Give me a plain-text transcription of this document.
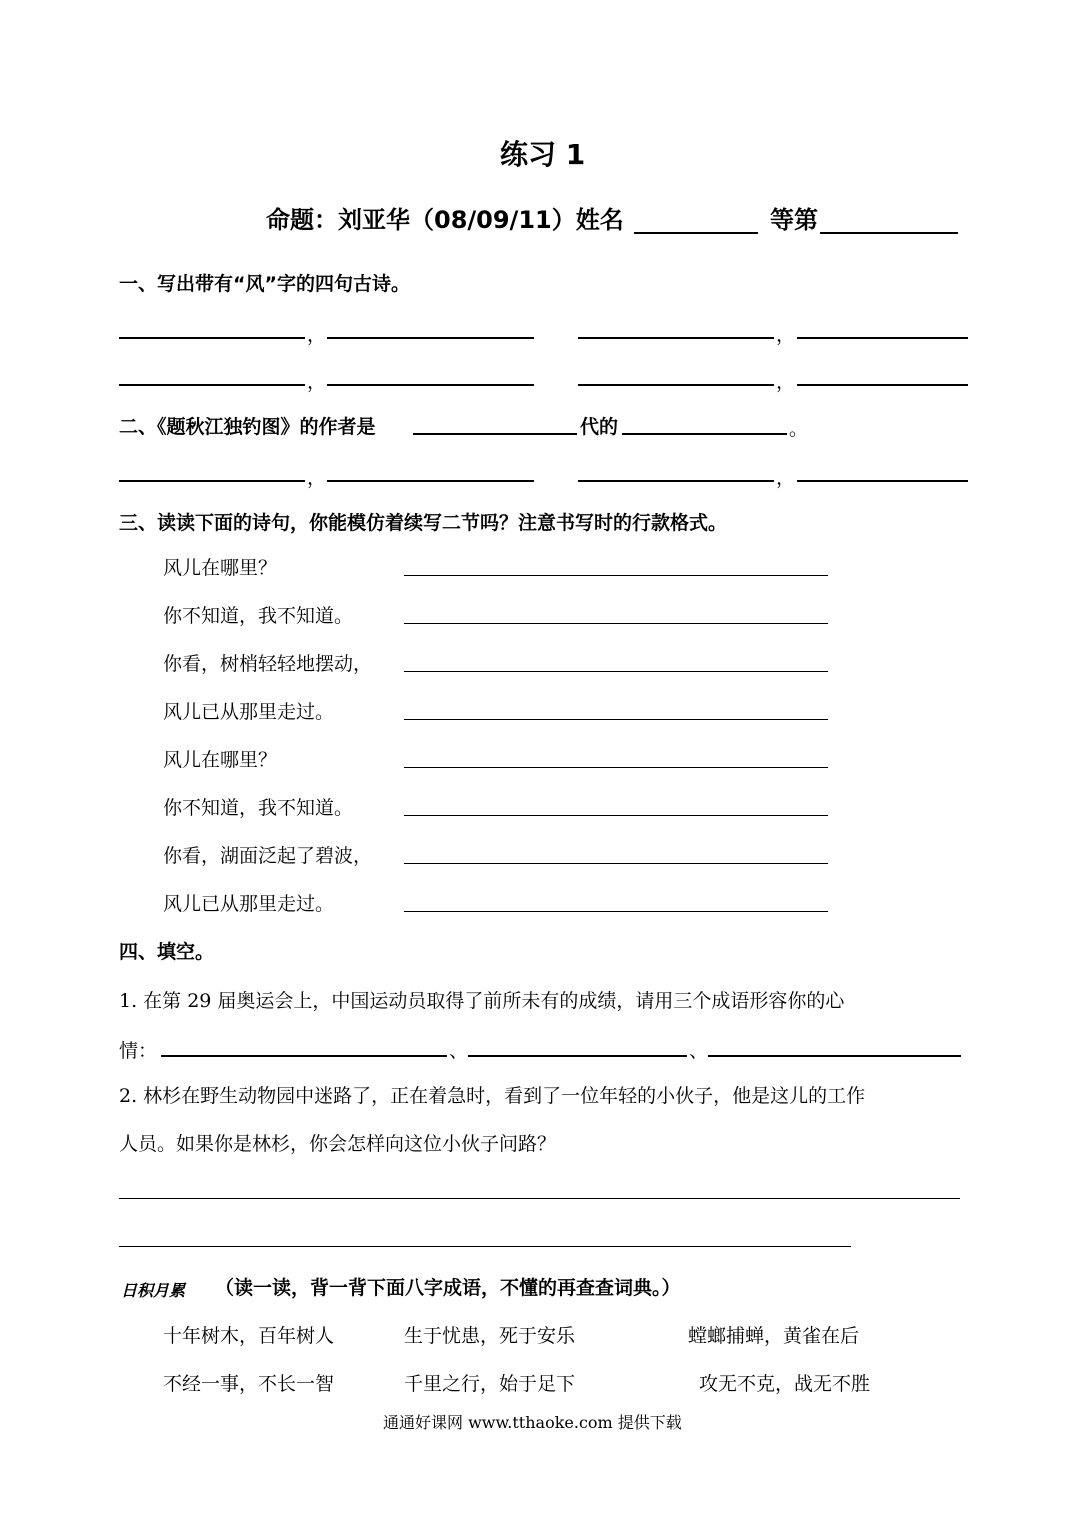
练习 1
命题：刘亚华（08/09/11）姓名	等第
一、写出带有“风”字的四句古诗。
，	，
，	，
二、《题秋江独钓图》的作者是	代的	。
，	，
三、读读下面的诗句，你能模仿着续写二节吗？注意书写时的行款格式。
风儿在哪里？
你不知道，我不知道。
你看，树梢轻轻地摆动，
风儿已从那里走过。
风儿在哪里？
你不知道，我不知道。
你看，湖面泛起了碧波，
风儿已从那里走过。
四、填空。
1. 在第 29 届奥运会上，中国运动员取得了前所未有的成绩，请用三个成语形容你的心
情：	、	、
2. 林杉在野生动物园中迷路了，正在着急时，看到了一位年轻的小伙子，他是这儿的工作
人员。如果你是林杉，你会怎样向这位小伙子问路？
日积月累 （读一读，背一背下面八字成语，不懂的再查查词典。）
十年树木，百年树人	生于忧患，死于安乐	螳螂捕蝉，黄雀在后
不经一事，不长一智	千里之行，始于足下	攻无不克，战无不胜
通通好课网 www.tthaoke.com 提供下载
